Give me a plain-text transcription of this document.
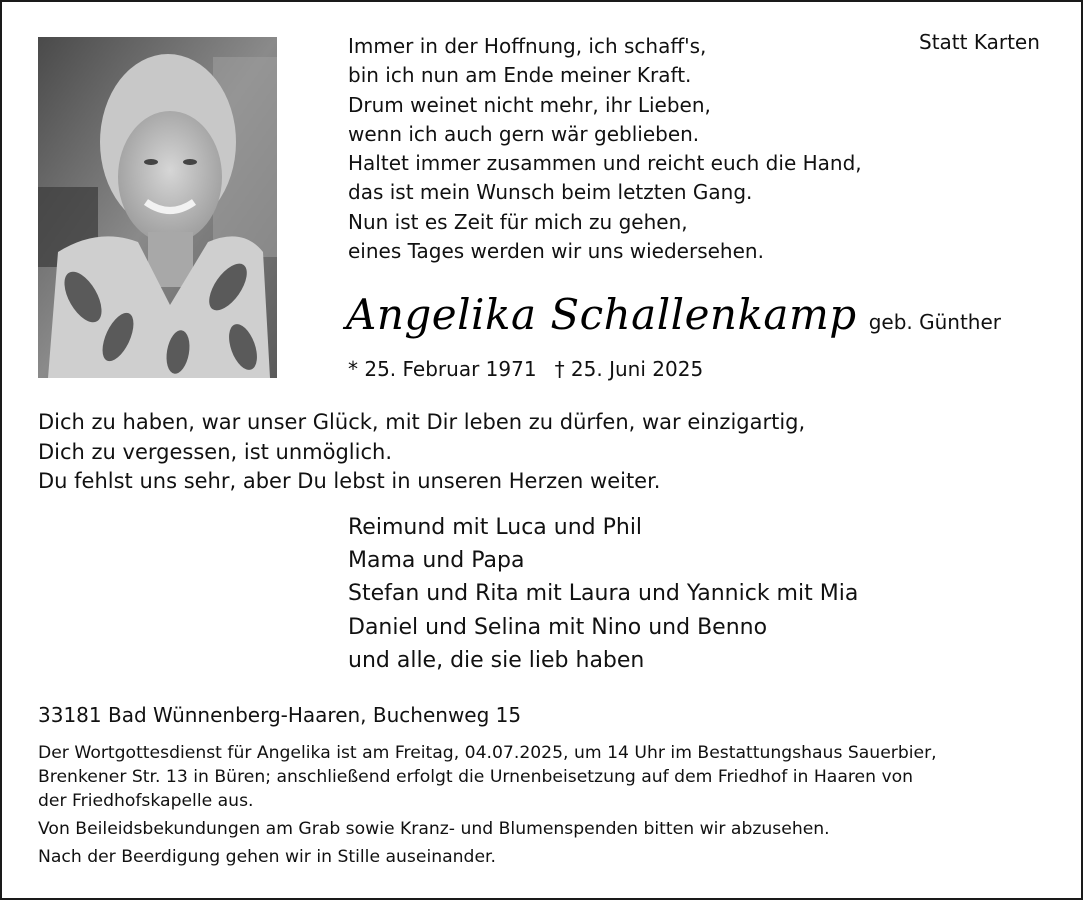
Statt Karten
Immer in der Hoffnung, ich schaff's,
bin ich nun am Ende meiner Kraft.
Drum weinet nicht mehr, ihr Lieben,
wenn ich auch gern wär geblieben.
Haltet immer zusammen und reicht euch die Hand,
das ist mein Wunsch beim letzten Gang.
Nun ist es Zeit für mich zu gehen,
eines Tages werden wir uns wiedersehen.
Angelika Schallenkamp geb. Günther
* 25. Februar 1971 † 25. Juni 2025
Dich zu haben, war unser Glück, mit Dir leben zu dürfen, war einzigartig,
Dich zu vergessen, ist unmöglich.
Du fehlst uns sehr, aber Du lebst in unseren Herzen weiter.
Reimund mit Luca und Phil
Mama und Papa
Stefan und Rita mit Laura und Yannick mit Mia
Daniel und Selina mit Nino und Benno
und alle, die sie lieb haben
33181 Bad Wünnenberg-Haaren, Buchenweg 15
Der Wortgottesdienst für Angelika ist am Freitag, 04.07.2025, um 14 Uhr im Bestattungshaus Sauerbier,
Brenkener Str. 13 in Büren; anschließend erfolgt die Urnenbeisetzung auf dem Friedhof in Haaren von
der Friedhofskapelle aus.
Von Beileidsbekundungen am Grab sowie Kranz- und Blumenspenden bitten wir abzusehen.
Nach der Beerdigung gehen wir in Stille auseinander.
